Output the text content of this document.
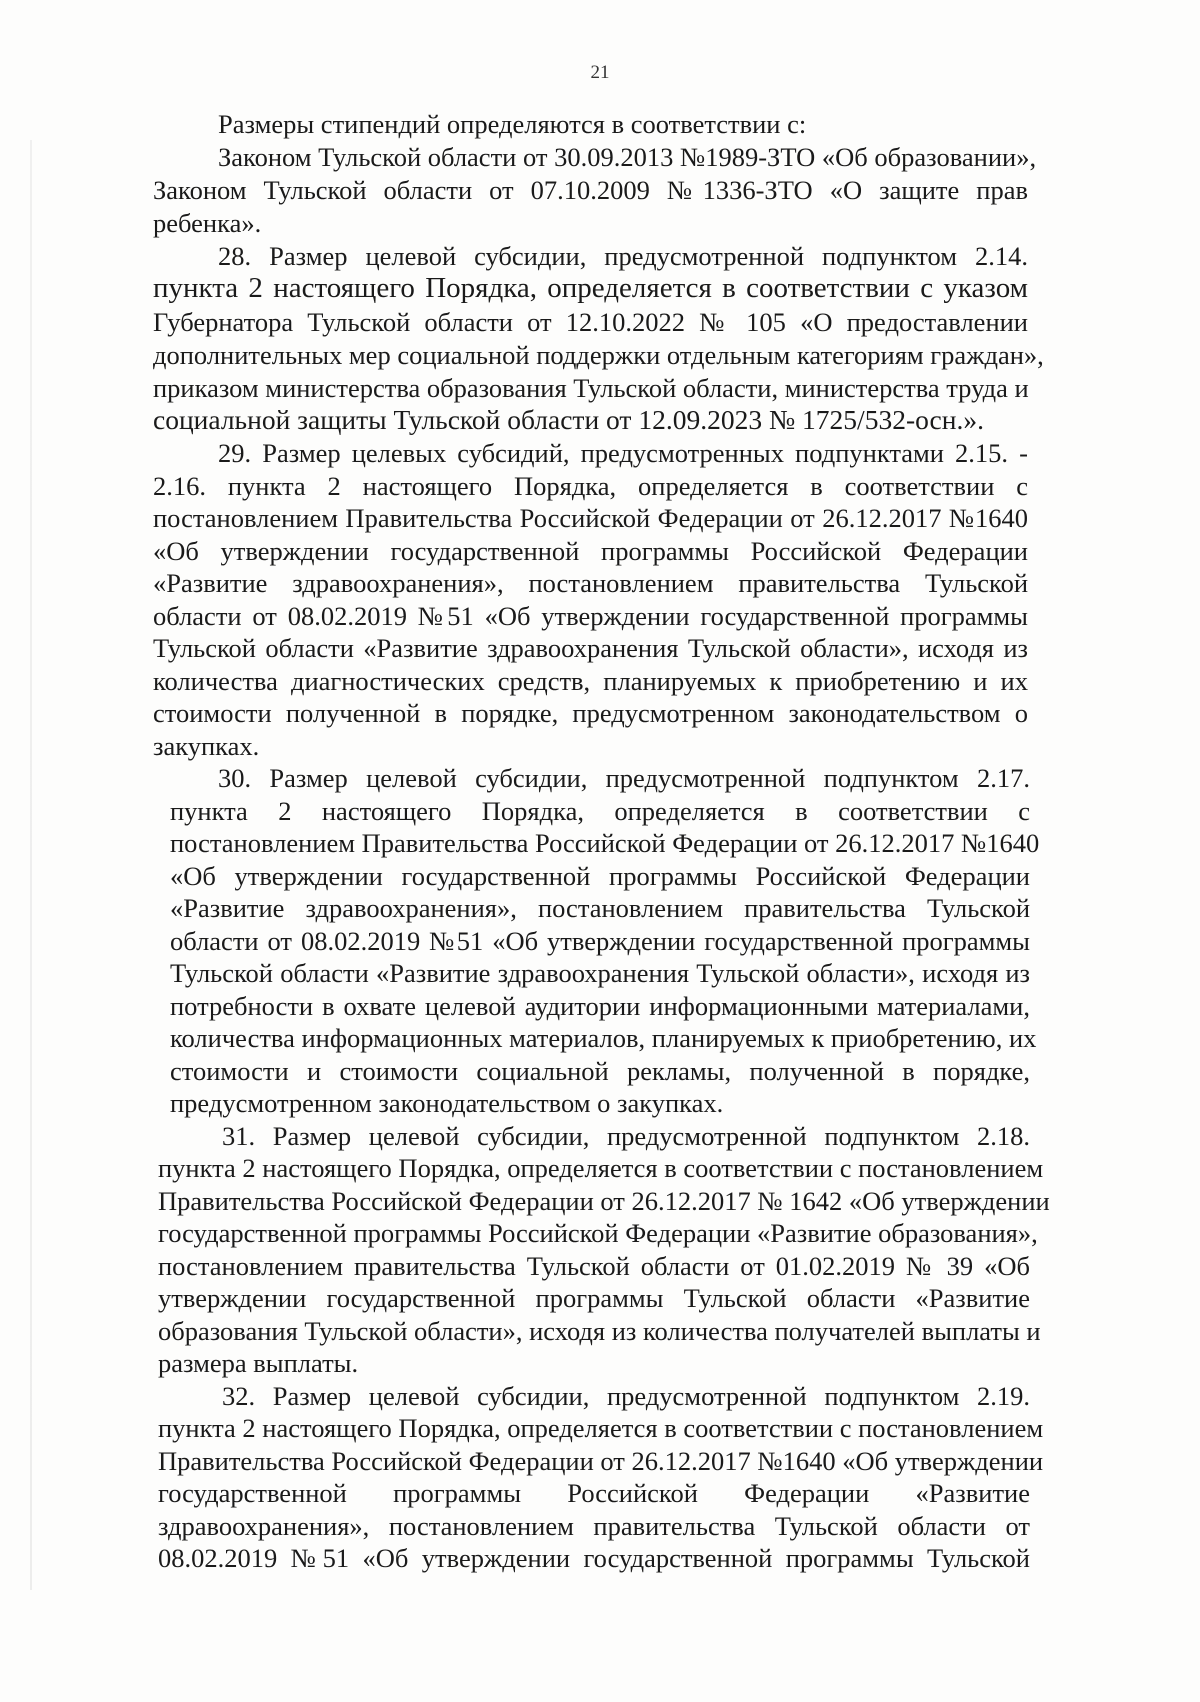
21
Размеры стипендий определяются в соответствии с:
Законом Тульской области от 30.09.2013 №1989-ЗТО «Об образовании»,
Законом Тульской области от 07.10.2009 №1336-ЗТО «О защите прав
ребенка».
28. Размер целевой субсидии, предусмотренной подпунктом 2.14.
пункта 2 настоящего Порядка, определяется в соответствии с указом
Губернатора Тульской области от 12.10.2022 № 105 «О предоставлении
дополнительных мер социальной поддержки отдельным категориям граждан»,
приказом министерства образования Тульской области, министерства труда и
социальной защиты Тульской области от 12.09.2023 № 1725/532-осн.».
29. Размер целевых субсидий, предусмотренных подпунктами 2.15. -
2.16. пункта 2 настоящего Порядка, определяется в соответствии с
постановлением Правительства Российской Федерации от 26.12.2017 №1640
«Об утверждении государственной программы Российской Федерации
«Развитие здравоохранения», постановлением правительства Тульской
области от 08.02.2019 №51 «Об утверждении государственной программы
Тульской области «Развитие здравоохранения Тульской области», исходя из
количества диагностических средств, планируемых к приобретению и их
стоимости полученной в порядке, предусмотренном законодательством о
закупках.
30. Размер целевой субсидии, предусмотренной подпунктом 2.17.
пункта 2 настоящего Порядка, определяется в соответствии с
постановлением Правительства Российской Федерации от 26.12.2017 №1640
«Об утверждении государственной программы Российской Федерации
«Развитие здравоохранения», постановлением правительства Тульской
области от 08.02.2019 №51 «Об утверждении государственной программы
Тульской области «Развитие здравоохранения Тульской области», исходя из
потребности в охвате целевой аудитории информационными материалами,
количества информационных материалов, планируемых к приобретению, их
стоимости и стоимости социальной рекламы, полученной в порядке,
предусмотренном законодательством о закупках.
31. Размер целевой субсидии, предусмотренной подпунктом 2.18.
пункта 2 настоящего Порядка, определяется в соответствии с постановлением
Правительства Российской Федерации от 26.12.2017 № 1642 «Об утверждении
государственной программы Российской Федерации «Развитие образования»,
постановлением правительства Тульской области от 01.02.2019 № 39 «Об
утверждении государственной программы Тульской области «Развитие
образования Тульской области», исходя из количества получателей выплаты и
размера выплаты.
32. Размер целевой субсидии, предусмотренной подпунктом 2.19.
пункта 2 настоящего Порядка, определяется в соответствии с постановлением
Правительства Российской Федерации от 26.12.2017 №1640 «Об утверждении
государственной программы Российской Федерации «Развитие
здравоохранения», постановлением правительства Тульской области от
08.02.2019 №51 «Об утверждении государственной программы Тульской
